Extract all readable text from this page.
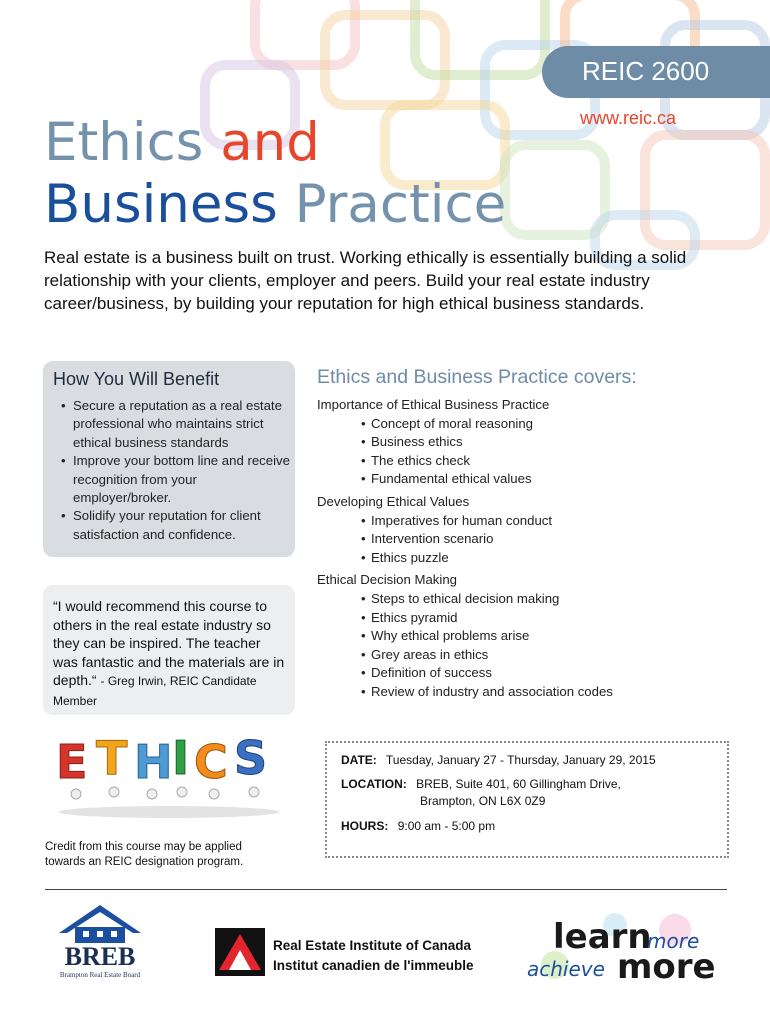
REIC 2600
www.reic.ca
Ethics and
Business Practice

Real estate is a business built on trust. Working ethically is essentially building a solid relationship with your clients, employer and peers. Build your real estate industry career/business, by building your reputation for high ethical business standards.

How You Will Benefit
• Secure a reputation as a real estate professional who maintains strict ethical business standards
• Improve your bottom line and receive recognition from your employer/broker.
• Solidify your reputation for client satisfaction and confidence.
“I would recommend this course to others in the real estate industry so they can be inspired. The teacher was fantastic and the materials are in depth.“ - Greg Irwin, REIC Candidate Member
Ethics and Business Practice covers:

Importance of Ethical Business Practice

• Concept of moral reasoning
• Business ethics
• The ethics check
• Fundamental ethical values

Developing Ethical Values

• Imperatives for human conduct
• Intervention scenario
• Ethics puzzle

Ethical Decision Making

• Steps to ethical decision making
• Ethics pyramid
• Why ethical problems arise
• Grey areas in ethics
• Definition of success
• Review of industry and association codes
E T H I C S
Credit from this course may be applied towards an REIC designation program.
DATE: Tuesday, January 27 - Thursday, January 29, 2015
LOCATION: BREB, Suite 401, 60 Gillingham Drive,
Brampton, ON L6X 0Z9
HOURS: 9:00 am - 5:00 pm
BREB
Brampton Real Estate Board
Real Estate Institute of Canada
Institut canadien de l'immeuble
learn
more
achieve more
